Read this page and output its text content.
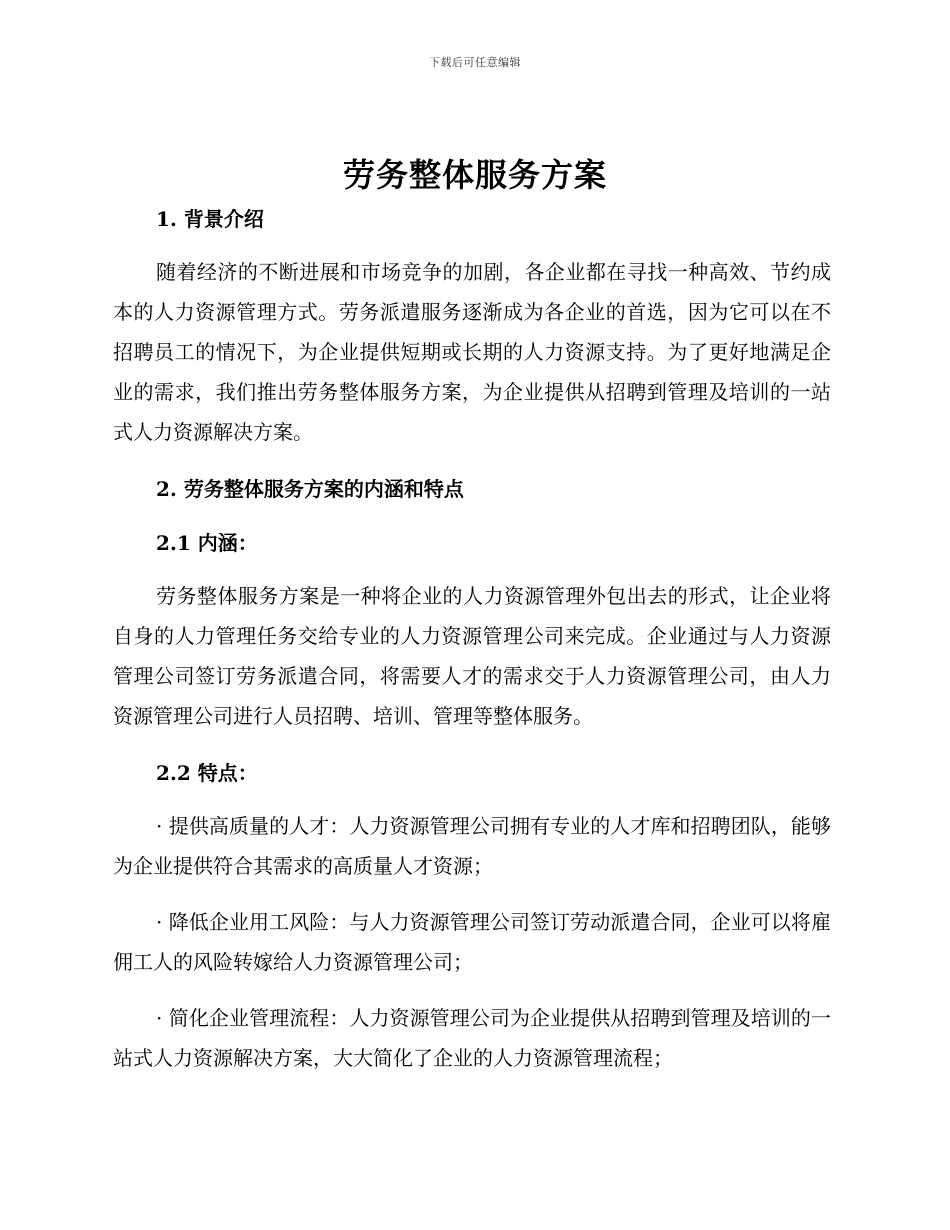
下载后可任意编辑
劳务整体服务方案

1. 背景介绍

随着经济的不断进展和市场竞争的加剧，各企业都在寻找一种高效、节约成本的人力资源管理方式。劳务派遣服务逐渐成为各企业的首选，因为它可以在不招聘员工的情况下，为企业提供短期或长期的人力资源支持。为了更好地满足企业的需求，我们推出劳务整体服务方案，为企业提供从招聘到管理及培训的一站式人力资源解决方案。

2. 劳务整体服务方案的内涵和特点

2.1 内涵：

劳务整体服务方案是一种将企业的人力资源管理外包出去的形式，让企业将自身的人力管理任务交给专业的人力资源管理公司来完成。企业通过与人力资源管理公司签订劳务派遣合同，将需要人才的需求交于人力资源管理公司，由人力资源管理公司进行人员招聘、培训、管理等整体服务。

2.2 特点：

· 提供高质量的人才：人力资源管理公司拥有专业的人才库和招聘团队，能够为企业提供符合其需求的高质量人才资源；

· 降低企业用工风险：与人力资源管理公司签订劳动派遣合同，企业可以将雇佣工人的风险转嫁给人力资源管理公司；

· 简化企业管理流程：人力资源管理公司为企业提供从招聘到管理及培训的一站式人力资源解决方案，大大简化了企业的人力资源管理流程；
